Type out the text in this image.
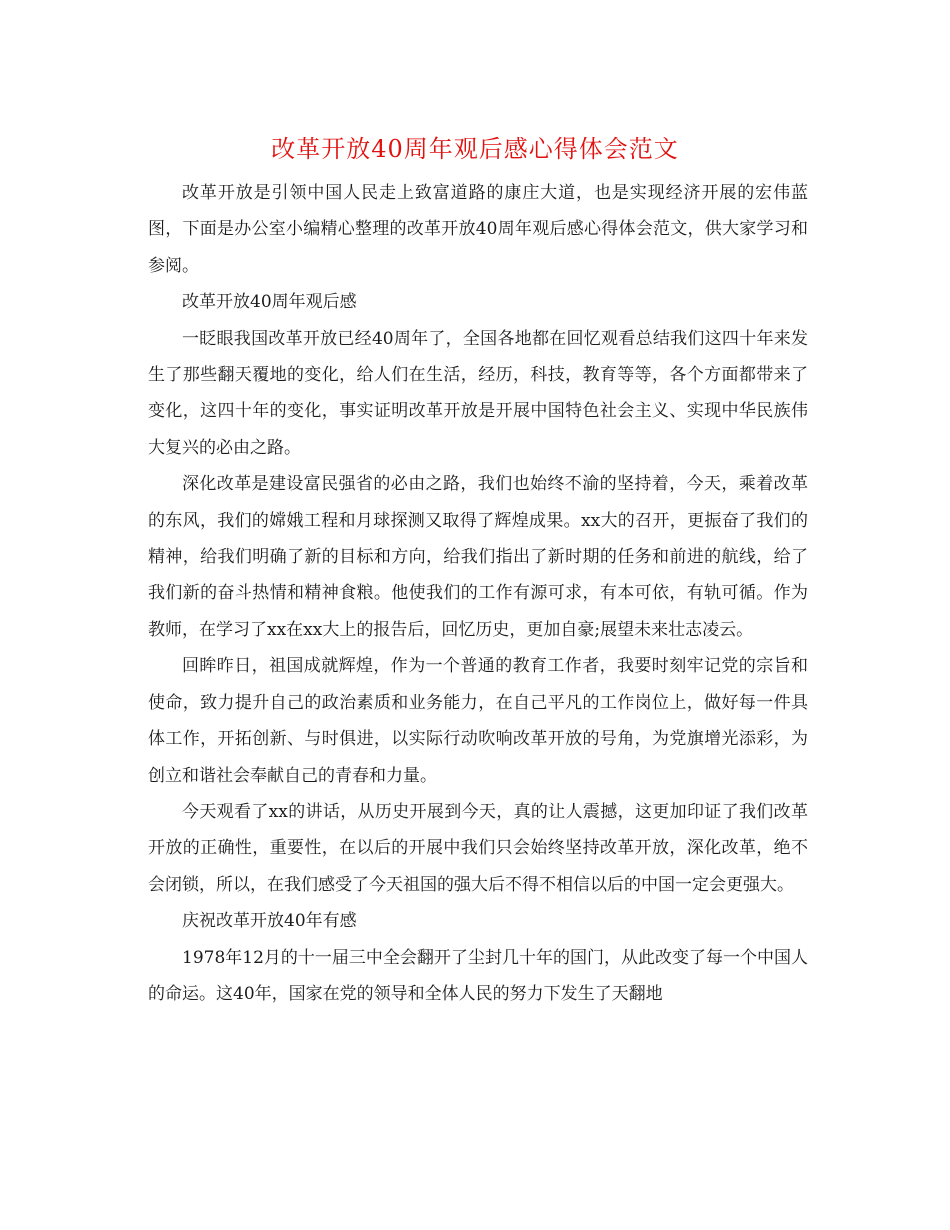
改革开放40周年观后感心得体会范文

改革开放是引领中国人民走上致富道路的康庄大道，也是实现经济开展的宏伟蓝图，下面是办公室小编精心整理的改革开放40周年观后感心得体会范文，供大家学习和参阅。

改革开放40周年观后感

一眨眼我国改革开放已经40周年了，全国各地都在回忆观看总结我们这四十年来发生了那些翻天覆地的变化，给人们在生活，经历，科技，教育等等，各个方面都带来了变化，这四十年的变化，事实证明改革开放是开展中国特色社会主义、实现中华民族伟大复兴的必由之路。

深化改革是建设富民强省的必由之路，我们也始终不渝的坚持着，今天，乘着改革的东风，我们的嫦娥工程和月球探测又取得了辉煌成果。xx大的召开，更振奋了我们的精神，给我们明确了新的目标和方向，给我们指出了新时期的任务和前进的航线，给了我们新的奋斗热情和精神食粮。他使我们的工作有源可求，有本可依，有轨可循。作为教师，在学习了xx在xx大上的报告后，回忆历史，更加自豪;展望未来壮志凌云。

回眸昨日，祖国成就辉煌，作为一个普通的教育工作者，我要时刻牢记党的宗旨和使命，致力提升自己的政治素质和业务能力，在自己平凡的工作岗位上，做好每一件具体工作，开拓创新、与时俱进，以实际行动吹响改革开放的号角，为党旗增光添彩，为创立和谐社会奉献自己的青春和力量。

今天观看了xx的讲话，从历史开展到今天，真的让人震撼，这更加印证了我们改革开放的正确性，重要性，在以后的开展中我们只会始终坚持改革开放，深化改革，绝不会闭锁，所以，在我们感受了今天祖国的强大后不得不相信以后的中国一定会更强大。

庆祝改革开放40年有感

1978年12月的十一届三中全会翻开了尘封几十年的国门，从此改变了每一个中国人的命运。这40年，国家在党的领导和全体人民的努力下发生了天翻地
